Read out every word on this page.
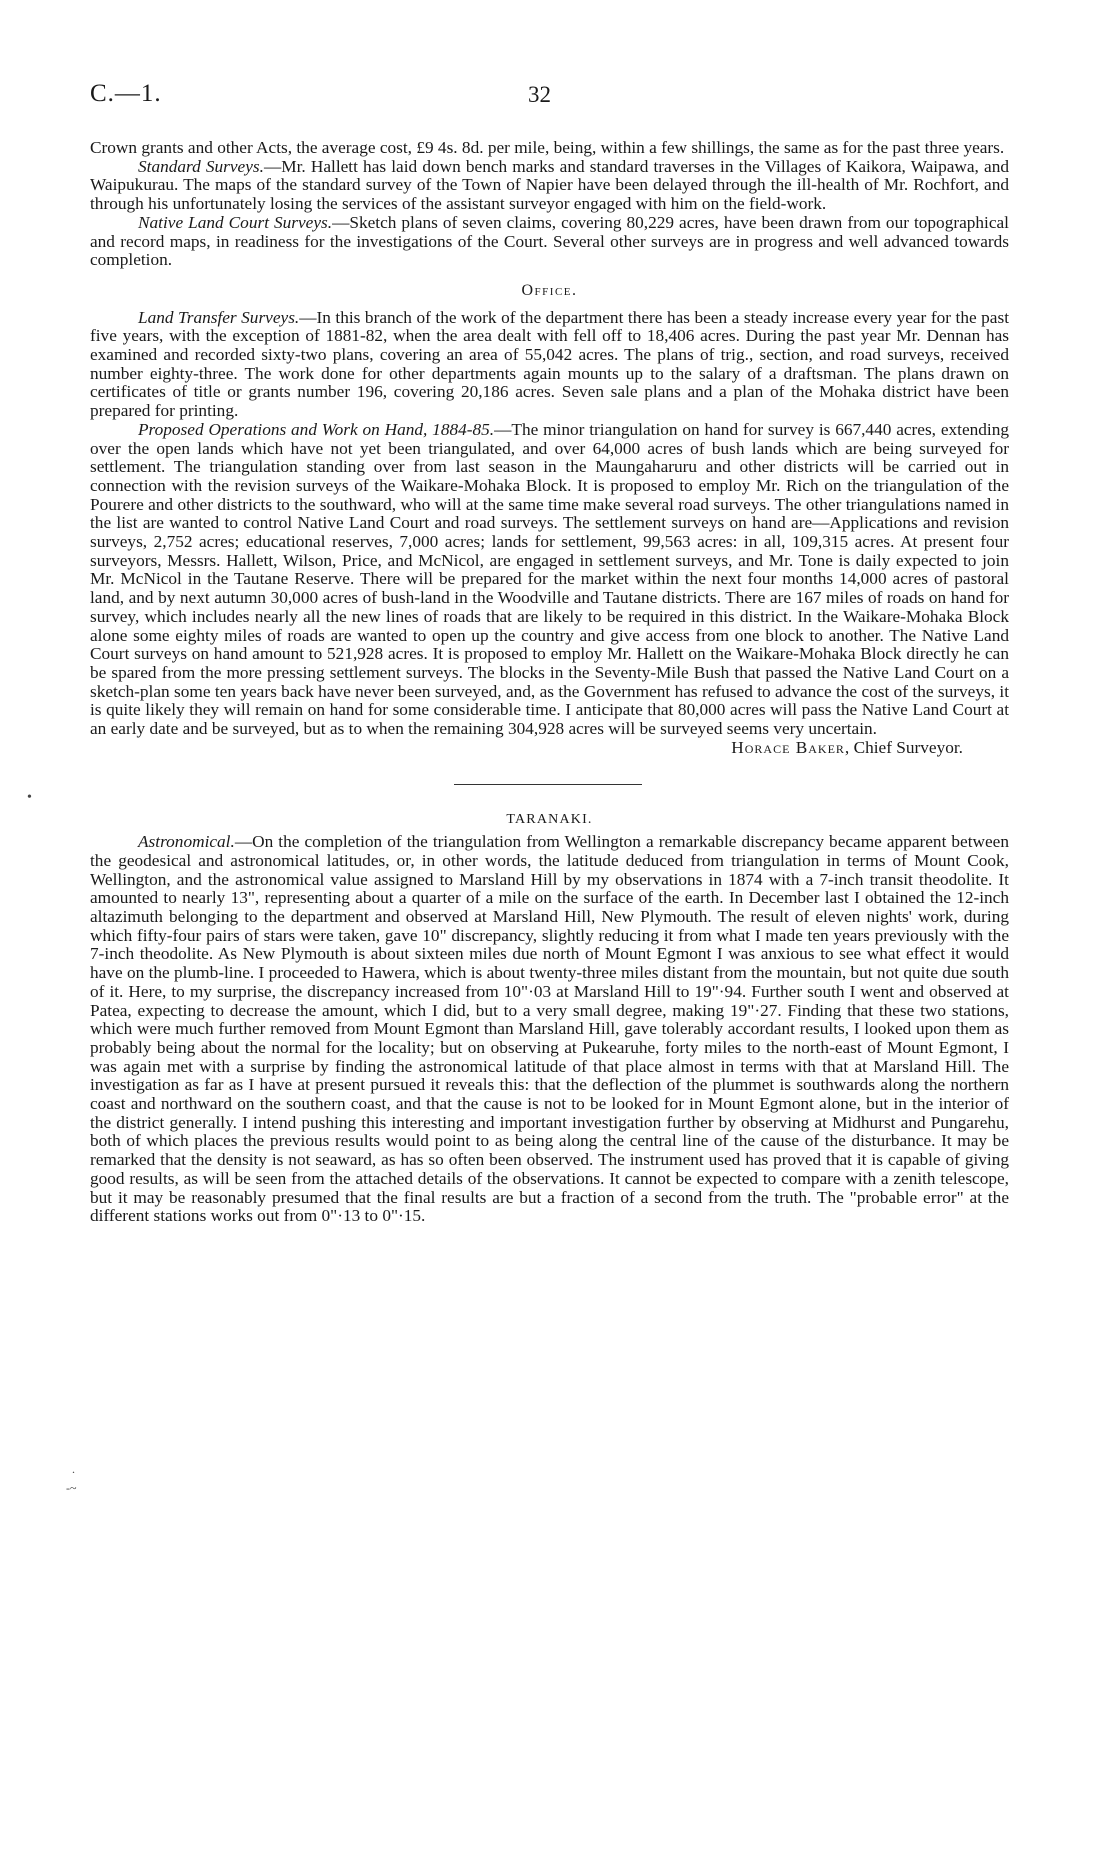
C.—1.	32
•
.
-~

Crown grants and other Acts, the average cost, £9 4s. 8d. per mile, being, within a few shillings, the same as for the past three years.

Standard Surveys.—Mr. Hallett has laid down bench marks and standard traverses in the Villages of Kaikora, Waipawa, and Waipukurau. The maps of the standard survey of the Town of Napier have been delayed through the ill-health of Mr. Rochfort, and through his unfortunately losing the services of the assistant surveyor engaged with him on the field-work.

Native Land Court Surveys.—Sketch plans of seven claims, covering 80,229 acres, have been drawn from our topographical and record maps, in readiness for the investigations of the Court. Several other surveys are in progress and well advanced towards completion.

Office.

Land Transfer Surveys.—In this branch of the work of the department there has been a steady increase every year for the past five years, with the exception of 1881-82, when the area dealt with fell off to 18,406 acres. During the past year Mr. Dennan has examined and recorded sixty-two plans, covering an area of 55,042 acres. The plans of trig., section, and road surveys, received number eighty-three. The work done for other departments again mounts up to the salary of a draftsman. The plans drawn on certificates of title or grants number 196, covering 20,186 acres. Seven sale plans and a plan of the Mohaka district have been prepared for printing.

Proposed Operations and Work on Hand, 1884-85.—The minor triangulation on hand for survey is 667,440 acres, extending over the open lands which have not yet been triangulated, and over 64,000 acres of bush lands which are being surveyed for settlement. The triangulation standing over from last season in the Maungaharuru and other districts will be carried out in connection with the revision surveys of the Waikare-Mohaka Block. It is proposed to employ Mr. Rich on the triangulation of the Pourere and other districts to the southward, who will at the same time make several road surveys. The other triangulations named in the list are wanted to control Native Land Court and road surveys. The settlement surveys on hand are—Applications and revision surveys, 2,752 acres; educational reserves, 7,000 acres; lands for settlement, 99,563 acres: in all, 109,315 acres. At present four surveyors, Messrs. Hallett, Wilson, Price, and McNicol, are engaged in settlement surveys, and Mr. Tone is daily expected to join Mr. McNicol in the Tautane Reserve. There will be prepared for the market within the next four months 14,000 acres of pastoral land, and by next autumn 30,000 acres of bush-land in the Woodville and Tautane districts. There are 167 miles of roads on hand for survey, which includes nearly all the new lines of roads that are likely to be required in this district. In the Waikare-Mohaka Block alone some eighty miles of roads are wanted to open up the country and give access from one block to another. The Native Land Court surveys on hand amount to 521,928 acres. It is proposed to employ Mr. Hallett on the Waikare-Mohaka Block directly he can be spared from the more pressing settlement surveys. The blocks in the Seventy-Mile Bush that passed the Native Land Court on a sketch-plan some ten years back have never been surveyed, and, as the Government has refused to advance the cost of the surveys, it is quite likely they will remain on hand for some considerable time. I anticipate that 80,000 acres will pass the Native Land Court at an early date and be surveyed, but as to when the remaining 304,928 acres will be surveyed seems very uncertain.

Horace Baker, Chief Surveyor.

TARANAKI.

Astronomical.—On the completion of the triangulation from Wellington a remarkable discrepancy became apparent between the geodesical and astronomical latitudes, or, in other words, the latitude deduced from triangulation in terms of Mount Cook, Wellington, and the astronomical value assigned to Marsland Hill by my observations in 1874 with a 7-inch transit theodolite. It amounted to nearly 13", representing about a quarter of a mile on the surface of the earth. In December last I obtained the 12-inch altazimuth belonging to the department and observed at Marsland Hill, New Plymouth. The result of eleven nights' work, during which fifty-four pairs of stars were taken, gave 10" discrepancy, slightly reducing it from what I made ten years previously with the 7-inch theodolite. As New Plymouth is about sixteen miles due north of Mount Egmont I was anxious to see what effect it would have on the plumb-line. I proceeded to Hawera, which is about twenty-three miles distant from the mountain, but not quite due south of it. Here, to my surprise, the discrepancy increased from 10"·03 at Marsland Hill to 19"·94. Further south I went and observed at Patea, expecting to decrease the amount, which I did, but to a very small degree, making 19"·27. Finding that these two stations, which were much further removed from Mount Egmont than Marsland Hill, gave tolerably accordant results, I looked upon them as probably being about the normal for the locality; but on observing at Pukearuhe, forty miles to the north-east of Mount Egmont, I was again met with a surprise by finding the astronomical latitude of that place almost in terms with that at Marsland Hill. The investigation as far as I have at present pursued it reveals this: that the deflection of the plummet is southwards along the northern coast and northward on the southern coast, and that the cause is not to be looked for in Mount Egmont alone, but in the interior of the district generally. I intend pushing this interesting and important investigation further by observing at Midhurst and Pungarehu, both of which places the previous results would point to as being along the central line of the cause of the disturbance. It may be remarked that the density is not seaward, as has so often been observed. The instrument used has proved that it is capable of giving good results, as will be seen from the attached details of the observations. It cannot be expected to compare with a zenith telescope, but it may be reasonably presumed that the final results are but a fraction of a second from the truth. The "probable error" at the different stations works out from 0"·13 to 0"·15.
